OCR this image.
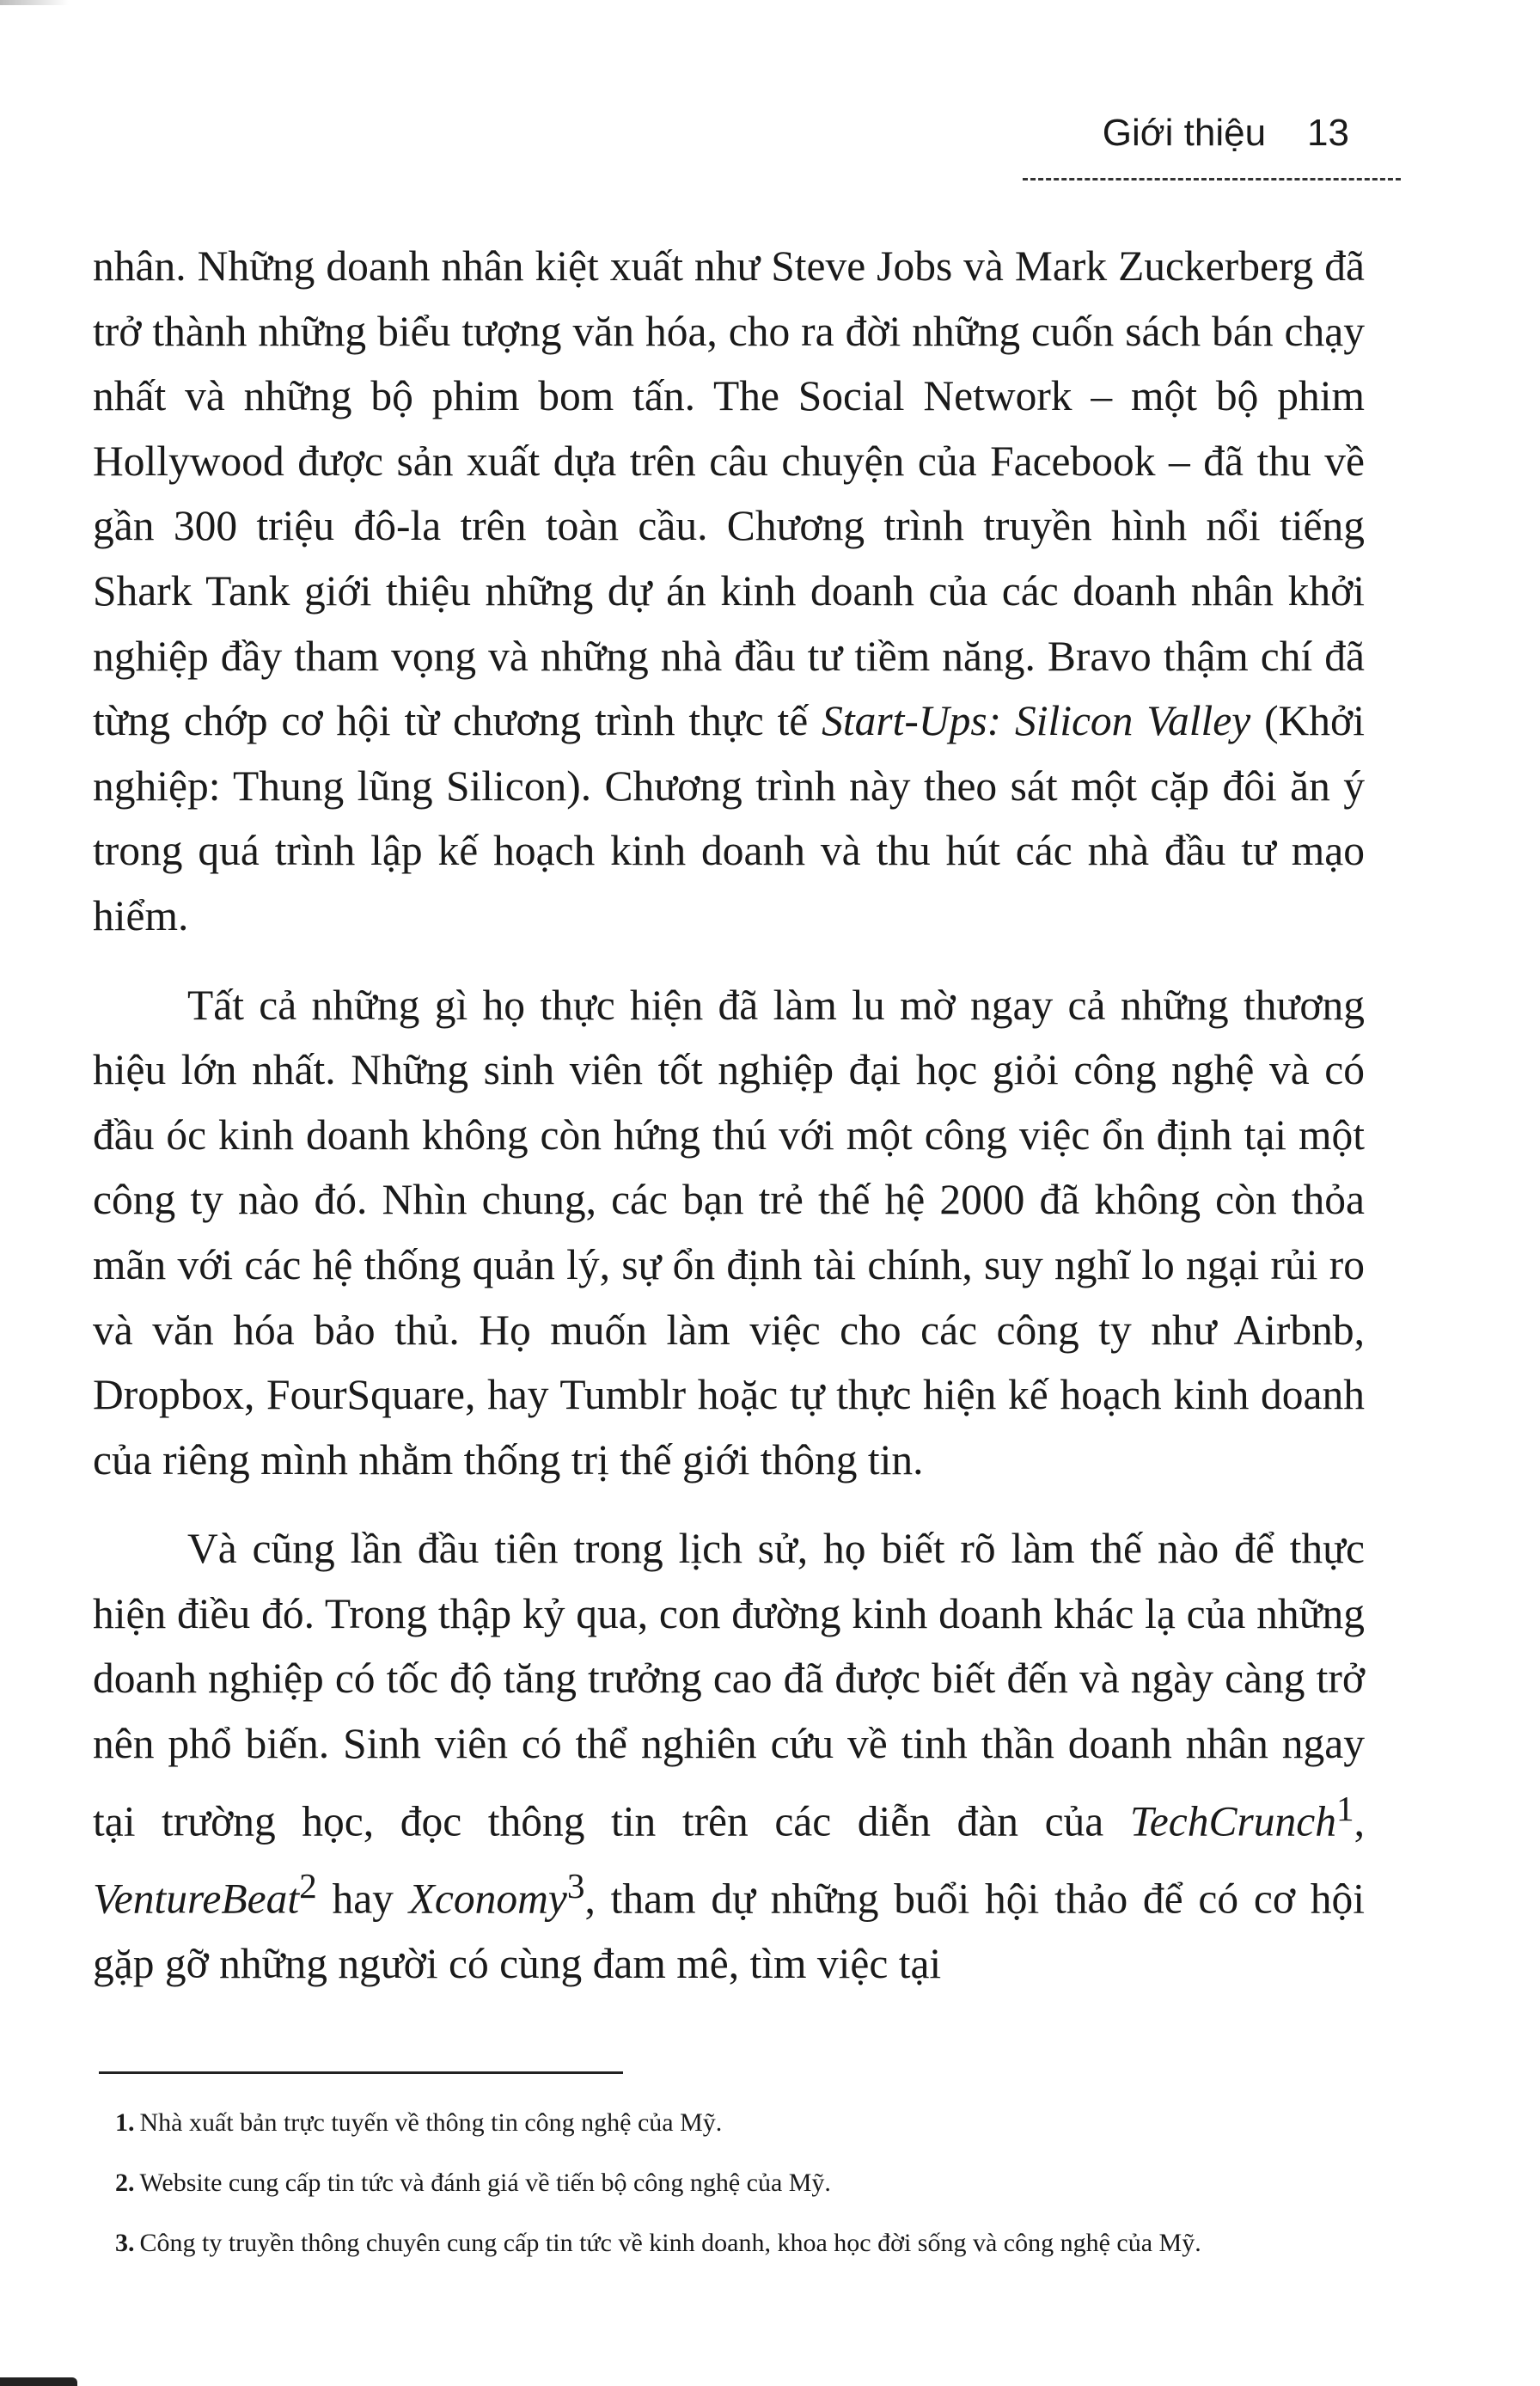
Giới thiệu 13

nhân. Những doanh nhân kiệt xuất như Steve Jobs và Mark Zuckerberg đã trở thành những biểu tượng văn hóa, cho ra đời những cuốn sách bán chạy nhất và những bộ phim bom tấn. The Social Network – một bộ phim Hollywood được sản xuất dựa trên câu chuyện của Facebook – đã thu về gần 300 triệu đô-la trên toàn cầu. Chương trình truyền hình nổi tiếng Shark Tank giới thiệu những dự án kinh doanh của các doanh nhân khởi nghiệp đầy tham vọng và những nhà đầu tư tiềm năng. Bravo thậm chí đã từng chớp cơ hội từ chương trình thực tế Start-Ups: Silicon Valley (Khởi nghiệp: Thung lũng Silicon). Chương trình này theo sát một cặp đôi ăn ý trong quá trình lập kế hoạch kinh doanh và thu hút các nhà đầu tư mạo hiểm.

Tất cả những gì họ thực hiện đã làm lu mờ ngay cả những thương hiệu lớn nhất. Những sinh viên tốt nghiệp đại học giỏi công nghệ và có đầu óc kinh doanh không còn hứng thú với một công việc ổn định tại một công ty nào đó. Nhìn chung, các bạn trẻ thế hệ 2000 đã không còn thỏa mãn với các hệ thống quản lý, sự ổn định tài chính, suy nghĩ lo ngại rủi ro và văn hóa bảo thủ. Họ muốn làm việc cho các công ty như Airbnb, Dropbox, FourSquare, hay Tumblr hoặc tự thực hiện kế hoạch kinh doanh của riêng mình nhằm thống trị thế giới thông tin.

Và cũng lần đầu tiên trong lịch sử, họ biết rõ làm thế nào để thực hiện điều đó. Trong thập kỷ qua, con đường kinh doanh khác lạ của những doanh nghiệp có tốc độ tăng trưởng cao đã được biết đến và ngày càng trở nên phổ biến. Sinh viên có thể nghiên cứu về tinh thần doanh nhân ngay tại trường học, đọc thông tin trên các diễn đàn của TechCrunch$^1$, VentureBeat$^2$ hay Xconomy$^3$, tham dự những buổi hội thảo để có cơ hội gặp gỡ những người có cùng đam mê, tìm việc tại

1. Nhà xuất bản trực tuyến về thông tin công nghệ của Mỹ.

2. Website cung cấp tin tức và đánh giá về tiến bộ công nghệ của Mỹ.

3. Công ty truyền thông chuyên cung cấp tin tức về kinh doanh, khoa học đời sống và công nghệ của Mỹ.
